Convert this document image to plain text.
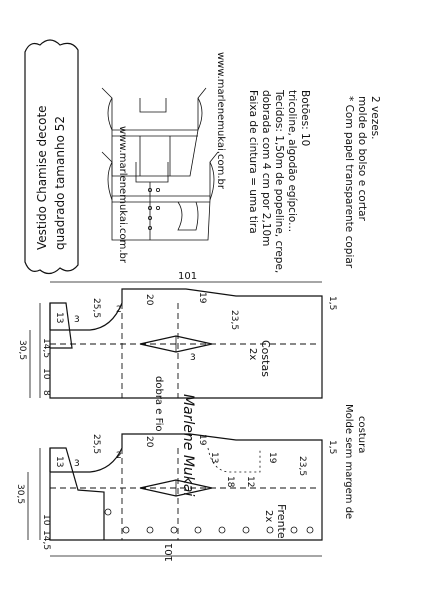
Vestido Chamise decote quadrado tamanho 52	www.marlenemukai.com.br
www.marlenemukai.com.br	Faixa de cintura = uma tira dobrada com 4 cm por 2,10m Tecidos: 1,50m de popeline, crepe, tricoline, algodão egípcio... Botões: 10	* Com papel transparente copiar molde do bolso e cortar 2 vezes.
101
25,5	20	19
13
14,5
30,5
10
8
1,5
23,5
3
2
3	Costas
2x
dobra e Fio Marlene Mukai	Molde sem margem de costura
101
25,5	20	19
13
30,5
10
14,5
1,5
2
3
19
13
18 12
23,5
Frente
2x
